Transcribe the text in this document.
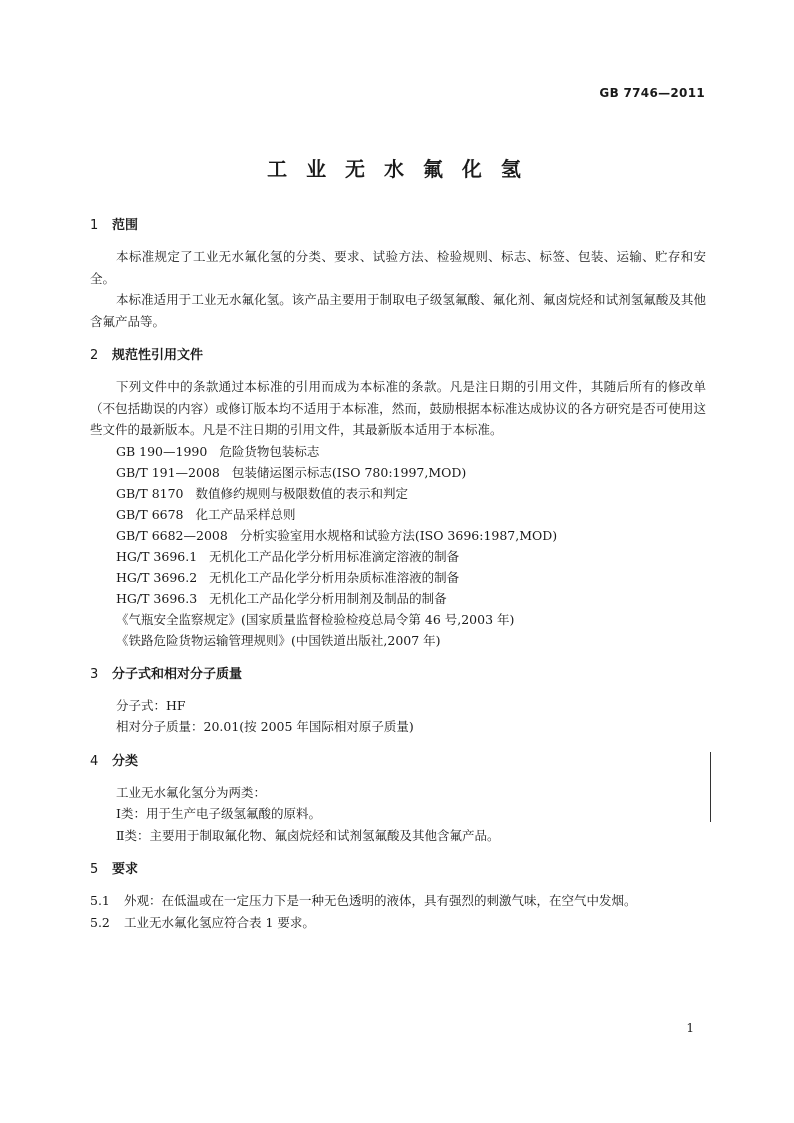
GB 7746—2011
工 业 无 水 氟 化 氢
1 范围
本标准规定了工业无水氟化氢的分类、要求、试验方法、检验规则、标志、标签、包装、运输、贮存和安全。
本标准适用于工业无水氟化氢。该产品主要用于制取电子级氢氟酸、氟化剂、氟卤烷烃和试剂氢氟酸及其他含氟产品等。
2 规范性引用文件
下列文件中的条款通过本标准的引用而成为本标准的条款。凡是注日期的引用文件，其随后所有的修改单（不包括勘误的内容）或修订版本均不适用于本标准，然而，鼓励根据本标准达成协议的各方研究是否可使用这些文件的最新版本。凡是不注日期的引用文件，其最新版本适用于本标准。
GB 190—1990 危险货物包装标志
GB/T 191—2008 包装储运图示标志(ISO 780:1997,MOD)
GB/T 8170 数值修约规则与极限数值的表示和判定
GB/T 6678 化工产品采样总则
GB/T 6682—2008 分析实验室用水规格和试验方法(ISO 3696:1987,MOD)
HG/T 3696.1 无机化工产品化学分析用标准滴定溶液的制备
HG/T 3696.2 无机化工产品化学分析用杂质标准溶液的制备
HG/T 3696.3 无机化工产品化学分析用制剂及制品的制备
《气瓶安全监察规定》(国家质量监督检验检疫总局令第 46 号,2003 年)
《铁路危险货物运输管理规则》(中国铁道出版社,2007 年)
3 分子式和相对分子质量
分子式：HF
相对分子质量：20.01(按 2005 年国际相对原子质量)
4 分类
工业无水氟化氢分为两类：
Ⅰ类：用于生产电子级氢氟酸的原料。
Ⅱ类：主要用于制取氟化物、氟卤烷烃和试剂氢氟酸及其他含氟产品。
5 要求
5.1 外观：在低温或在一定压力下是一种无色透明的液体，具有强烈的刺激气味，在空气中发烟。
5.2 工业无水氟化氢应符合表 1 要求。
1
